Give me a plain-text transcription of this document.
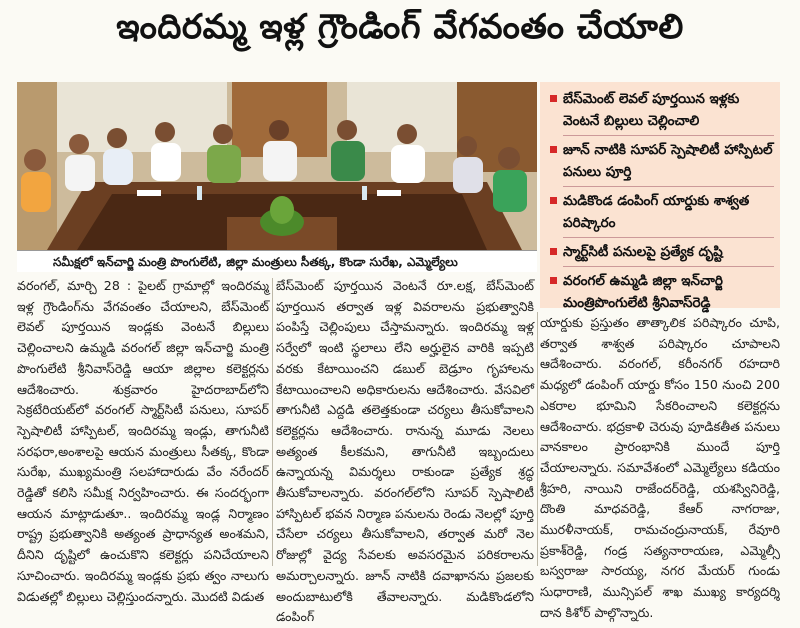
ఇందిరమ్మ ఇళ్ల గ్రౌండింగ్ వేగవంతం చేయాలి
సమీక్షలో ఇన్‌చార్జి మంత్రి పొంగులేటి, జిల్లా మంత్రులు సీతక్క, కొండా సురేఖ, ఎమ్మెల్యేలు
బేస్‌మెంట్ లెవల్ పూర్తయిన ఇళ్లకు వెంటనే బిల్లులు చెల్లించాలి
జూన్ నాటికి సూపర్ స్పెషాలిటీ హాస్పిటల్ పనులు పూర్తి
మడికొండ డంపింగ్ యార్డుకు శాశ్వత పరిష్కారం
స్మార్ట్‌సిటీ పనులపై ప్రత్యేక దృష్టి
వరంగల్ ఉమ్మడి జిల్లా ఇన్‌చార్జి మంత్రిపొంగులేటి శ్రీనివాస్‌రెడ్డి
వరంగల్, మార్చి 28 : పైలట్ గ్రామాల్లో ఇందిరమ్మ ఇళ్ల గ్రౌండింగ్‌ను వేగవంతం చేయాలని, బేస్‌మెంట్ లెవల్ పూర్తయిన ఇండ్లకు వెంటనే బిల్లులు చెల్లించాలని ఉమ్మడి వరంగల్ జిల్లా ఇన్‌చార్జి మంత్రి పొంగులేటి శ్రీనివాస్‌రెడ్డి ఆయా జిల్లాల కలెక్టర్లను ఆదేశించారు. శుక్రవారం హైదరాబాద్‌లోని సెక్రటేరియట్‌లో వరంగల్ స్మార్ట్‌సిటీ పనులు, సూపర్ స్పెషాలిటీ హాస్పిటల్, ఇందిరమ్మ ఇండ్లు, తాగునీటి సరఫరా,అంశాలపై ఆయన మంత్రులు సీతక్క, కొండా సురేఖ, ముఖ్యమంత్రి సలహాదారుడు వేం నరేందర్ రెడ్డితో కలిసి సమీక్ష నిర్వహించారు. ఈ సందర్భంగా ఆయన మాట్లాడుతూ.. ఇందిరమ్మ ఇండ్ల నిర్మాణం రాష్ట్ర ప్రభుత్వానికి అత్యంత ప్రాధాన్యత అంశమని, దీనిని దృష్టిలో ఉంచుకొని కలెక్టర్లు పనిచేయాలని సూచించారు. ఇందిరమ్మ ఇండ్లకు ప్రభు త్వం నాలుగు విడుతల్లో బిల్లులు చెల్లిస్తుందన్నారు. మొదటి విడుత
బేస్‌మెంట్ పూర్తయిన వెంటనే రూ.లక్ష, బేస్‌మెంట్ పూర్తయిన తర్వాత ఇళ్ల వివరాలను ప్రభుత్వానికి పంపిస్తే చెల్లింపులు చేస్తామన్నారు. ఇందిరమ్మ ఇళ్ల సర్వేలో ఇంటి స్థలాలు లేని అర్హులైన వారికి ఇప్పటి వరకు కేటాయించని డబుల్ బెడ్రూం గృహాలను కేటాయించాలని అధికారులను ఆదేశించారు. వేసవిలో తాగునీటి ఎద్దడి తలెత్తకుండా చర్యలు తీసుకోవాలని కలెక్టర్లను ఆదేశించారు. రానున్న మూడు నెలలు అత్యంత కీలకమని, తాగునీటి ఇబ్బందులు ఉన్నాయన్న విమర్శలు రాకుండా ప్రత్యేక శ్రద్ధ తీసుకోవాలన్నారు. వరంగల్‌లోని సూపర్ స్పెషాలిటీ హాస్పిటల్ భవన నిర్మాణ పనులను రెండు నెలల్లో పూర్తి చేసేలా చర్యలు తీసుకోవాలని, తర్వాత మరో నెల రోజుల్లో వైద్య సేవలకు అవసరమైన పరికరాలను అమర్చాలన్నారు. జూన్ నాటికి దవాఖానను ప్రజలకు అందుబాటులోకి తేవాలన్నారు. మడికొండలోని డంపింగ్
యార్డుకు ప్రస్తుతం తాత్కాలిక పరిష్కారం చూపి, తర్వాత శాశ్వత పరిష్కారం చూపాలని ఆదేశించారు. వరంగల్, కరీంనగర్ రహదారి మధ్యలో డంపింగ్ యార్డు కోసం 150 నుంచి 200 ఎకరాల భూమిని సేకరించాలని కలెక్టర్లను ఆదేశించారు. భద్రకాళి చెరువు పూడికతీత పనులు వానకాలం ప్రారంభానికి ముందే పూర్తి చేయాలన్నారు. సమావేశంలో ఎమ్మెల్యేలు కడియం శ్రీహరి, నాయిని రాజేందర్‌రెడ్డి, యశస్వినిరెడ్డి, దొంతి మాధవరెడ్డి, కేఆర్ నాగరాజు, మురళీనాయక్, రామచంద్రునాయక్, రేవూరి ప్రకాశ్‌రెడ్డి, గండ్ర సత్యనారాయణ, ఎమ్మెల్సీ బస్వరాజు సారయ్య, నగర మేయర్ గుండు సుధారాణి, మున్సిపల్ శాఖ ముఖ్య కార్యదర్శి దాన కిశోర్ పాల్గొన్నారు.
